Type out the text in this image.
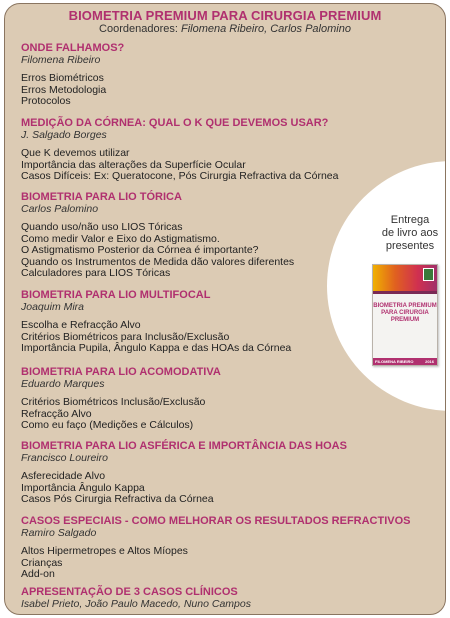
BIOMETRIA PREMIUM PARA CIRURGIA PREMIUM
Coordenadores: Filomena Ribeiro, Carlos Palomino
Entrega
de livro aos
presentes
BIOMETRIA PREMIUM
PARA CIRURGIA
PREMIUM
FILOMENA RIBEIRO	2016
ONDE FALHAMOS?
Filomena Ribeiro
Erros Biométricos
Erros Metodologia
Protocolos
MEDIÇÃO DA CÓRNEA: QUAL O K QUE DEVEMOS USAR?
J. Salgado Borges
Que K devemos utilizar
Importância das alterações da Superfície Ocular
Casos Difíceis: Ex: Queratocone, Pós Cirurgia Refractiva da Córnea
BIOMETRIA PARA LIO TÓRICA
Carlos Palomino
Quando uso/não uso LIOS Tóricas
Como medir Valor e Eixo do Astigmatismo.
O Astigmatismo Posterior da Córnea é importante?
Quando os Instrumentos de Medida dão valores diferentes
Calculadores para LIOS Tóricas
BIOMETRIA PARA LIO MULTIFOCAL
Joaquim Mira
Escolha e Refracção Alvo
Critérios Biométricos para Inclusão/Exclusão
Importância Pupila, Ângulo Kappa e das HOAs da Córnea
BIOMETRIA PARA LIO ACOMODATIVA
Eduardo Marques
Critérios Biométricos Inclusão/Exclusão
Refracção Alvo
Como eu faço (Medições e Cálculos)
BIOMETRIA PARA LIO ASFÉRICA E IMPORTÂNCIA DAS HOAS
Francisco Loureiro
Asferecidade Alvo
Importância Ângulo Kappa
Casos Pós Cirurgia Refractiva da Córnea
CASOS ESPECIAIS - COMO MELHORAR OS RESULTADOS REFRACTIVOS
Ramiro Salgado
Altos Hipermetropes e Altos Míopes
Crianças
Add-on
APRESENTAÇÃO DE 3 CASOS CLÍNICOS
Isabel Prieto, João Paulo Macedo, Nuno Campos
